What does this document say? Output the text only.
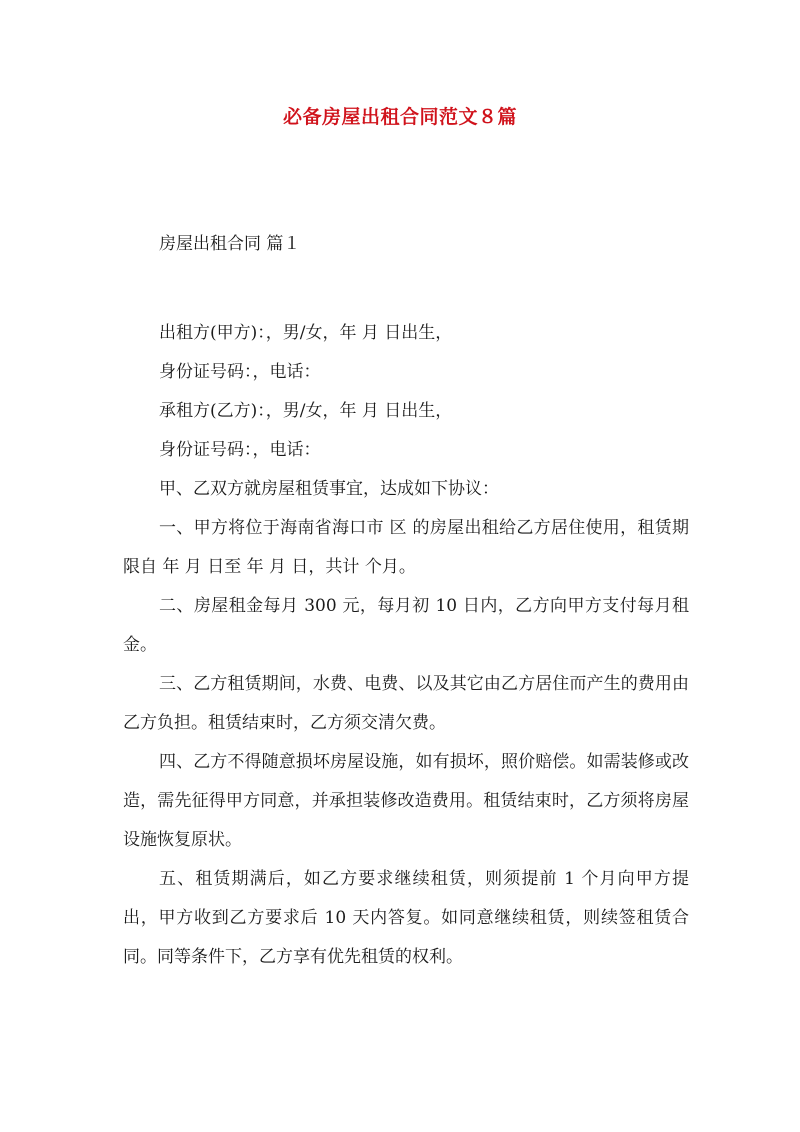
必备房屋出租合同范文８篇
房屋出租合同 篇１

出租方(甲方)：，男/女，年 月 日出生，

身份证号码：，电话：

承租方(乙方)：，男/女，年 月 日出生，

身份证号码：，电话：

甲、乙双方就房屋租赁事宜，达成如下协议：

一、甲方将位于海南省海口市 区 的房屋出租给乙方居住使用，租赁期限自 年 月 日至 年 月 日，共计 个月。

二、房屋租金每月 300 元，每月初 10 日内，乙方向甲方支付每月租金。

三、乙方租赁期间，水费、电费、以及其它由乙方居住而产生的费用由乙方负担。租赁结束时，乙方须交清欠费。

四、乙方不得随意损坏房屋设施，如有损坏，照价赔偿。如需装修或改造，需先征得甲方同意，并承担装修改造费用。租赁结束时，乙方须将房屋设施恢复原状。

五、租赁期满后，如乙方要求继续租赁，则须提前 1 个月向甲方提出，甲方收到乙方要求后 10 天内答复。如同意继续租赁，则续签租赁合同。同等条件下，乙方享有优先租赁的权利。
